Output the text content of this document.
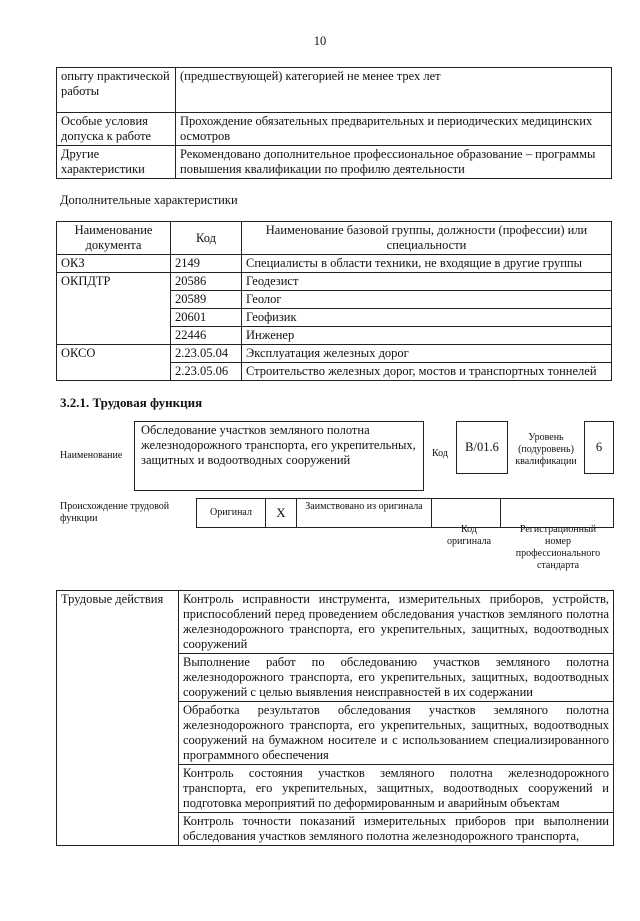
10
опыту практической работы	(предшествующей) категорией не менее трех лет
Особые условия допуска к работе	Прохождение обязательных предварительных и периодических медицинских осмотров
Другие характеристики	Рекомендовано дополнительное профессиональное образование – программы повышения квалификации по профилю деятельности
Дополнительные характеристики
Наименование документа	Код	Наименование базовой группы, должности (профессии) или специальности
ОКЗ	2149	Специалисты в области техники, не входящие в другие группы
ОКПДТР	20586	Геодезист
	20589	Геолог
	20601	Геофизик
	22446	Инженер
ОКСО	2.23.05.04	Эксплуатация железных дорог
	2.23.05.06	Строительство железных дорог, мостов и транспортных тоннелей
3.2.1. Трудовая функция
Наименование
Обследование участков земляного полотна железнодорожного транспорта, его укрепительных, защитных и водоотводных сооружений	Код	B/01.6
Уровень (подуровень) квалификации
6
Происхождение трудовой функции
Оригинал	X	Заимствовано из оригинала
Код оригинала
Регистрационный номер профессионального стандарта
Трудовые действия	Контроль исправности инструмента, измерительных приборов, устройств, приспособлений перед проведением обследования участков земляного полотна железнодорожного транспорта, его укрепительных, защитных, водоотводных сооружений
Выполнение работ по обследованию участков земляного полотна железнодорожного транспорта, его укрепительных, защитных, водоотводных сооружений с целью выявления неисправностей в их содержании
Обработка результатов обследования участков земляного полотна железнодорожного транспорта, его укрепительных, защитных, водоотводных сооружений на бумажном носителе и с использованием специализированного программного обеспечения
Контроль состояния участков земляного полотна железнодорожного транспорта, его укрепительных, защитных, водоотводных сооружений и подготовка мероприятий по деформированным и аварийным объектам
Контроль точности показаний измерительных приборов при выполнении обследования участков земляного полотна железнодорожного транспорта,
